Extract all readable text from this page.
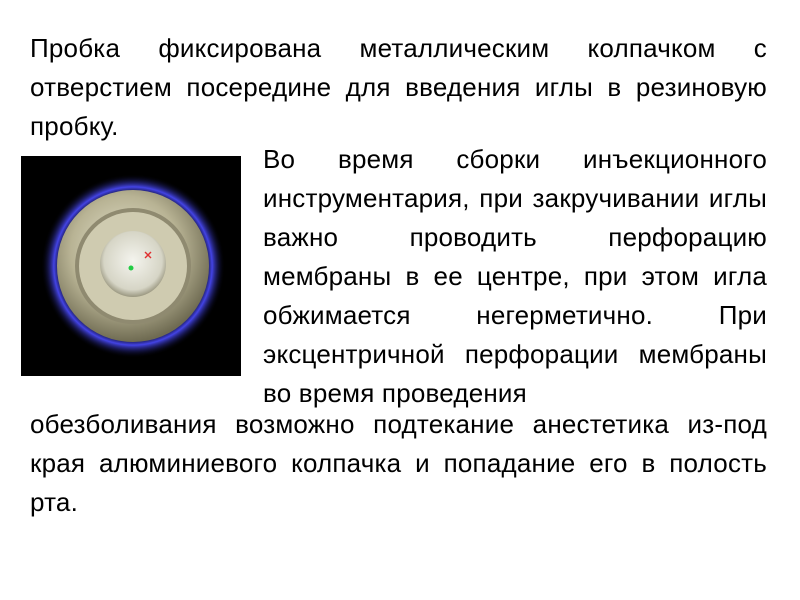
Пробка фиксирована металлическим колпачком с отверстием посередине для введения иглы в резиновую пробку.

Во время сборки инъекционного инструментария, при закручивании иглы важно проводить перфорацию мембраны в ее центре, при этом игла обжимается негерметично. При эксцентричной перфорации мембраны во время проведения

обезболивания возможно подтекание анестетика из-под края алюминиевого колпачка и попадание его в полость рта.
